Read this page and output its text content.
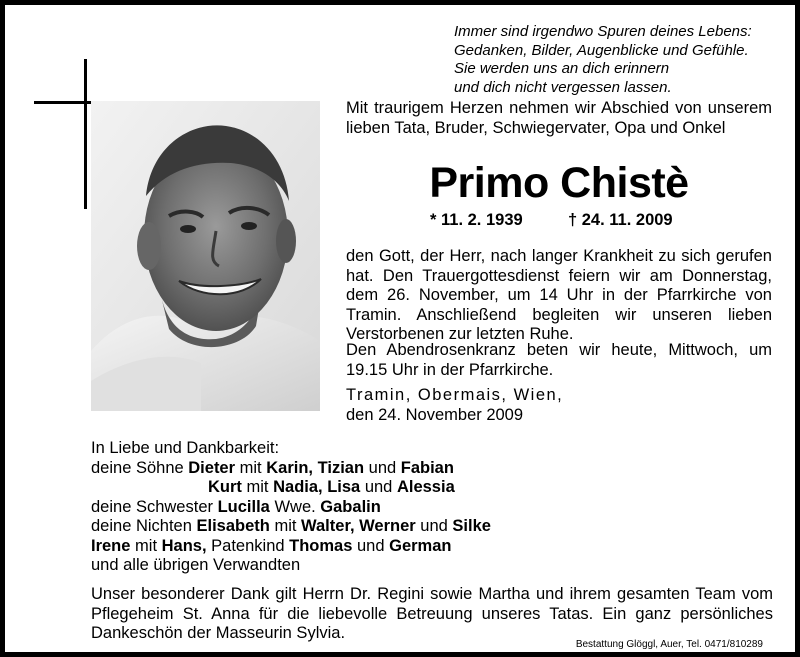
Immer sind irgendwo Spuren deines Lebens:
Gedanken, Bilder, Augenblicke und Gefühle.
Sie werden uns an dich erinnern
und dich nicht vergessen lassen.
Mit traurigem Herzen nehmen wir Abschied von unserem lieben Tata, Bruder, Schwiegervater, Opa und Onkel
Primo Chistè
* 11. 2. 1939	† 24. 11. 2009
den Gott, der Herr, nach langer Krankheit zu sich gerufen hat. Den Trauergottesdienst feiern wir am Donnerstag, dem 26. November, um 14 Uhr in der Pfarrkirche von Tramin. Anschließend begleiten wir unseren lieben Verstorbenen zur letzten Ruhe.
Den Abendrosenkranz beten wir heute, Mittwoch, um 19.15 Uhr in der Pfarrkirche.
Tramin, Obermais, Wien,
den 24. November 2009
In Liebe und Dankbarkeit:
deine Söhne Dieter mit Karin, Tizian und Fabian
Kurt mit Nadia, Lisa und Alessia
deine Schwester Lucilla Wwe. Gabalin
deine Nichten Elisabeth mit Walter, Werner und Silke
Irene mit Hans, Patenkind Thomas und German
und alle übrigen Verwandten
Unser besonderer Dank gilt Herrn Dr. Regini sowie Martha und ihrem gesamten Team vom Pflegeheim St. Anna für die liebevolle Betreuung unseres Tatas. Ein ganz persönliches Dankeschön der Masseurin Sylvia.
Bestattung Glöggl, Auer, Tel. 0471/810289
